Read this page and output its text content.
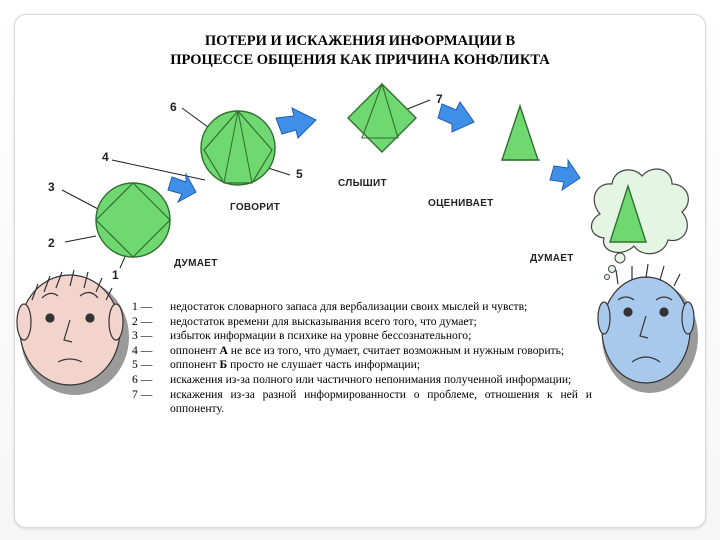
ПОТЕРИ И ИСКАЖЕНИЯ ИНФОРМАЦИИ В
ПРОЦЕССЕ ОБЩЕНИЯ КАК ПРИЧИНА КОНФЛИКТА
1
2
3
4
5
6
7
ДУМАЕТ
ГОВОРИТ
СЛЫШИТ
ОЦЕНИВАЕТ
ДУМАЕТ
1 —	недостаток словарного запаса для вербализации своих мыслей и чувств;
2 —	недостаток времени для высказывания всего того, что думает;
3 —	избыток информации в психике на уровне бессознательного;
4 —	оппонент А не все из того, что думает, считает возможным и нужным говорить;
5 —	оппонент Б просто не слушает часть информации;
6 —	искажения из-за полного или частичного непонимания полученной информации;
7 —	искажения из-за разной информированности о проблеме, отношения к ней и оппоненту.
